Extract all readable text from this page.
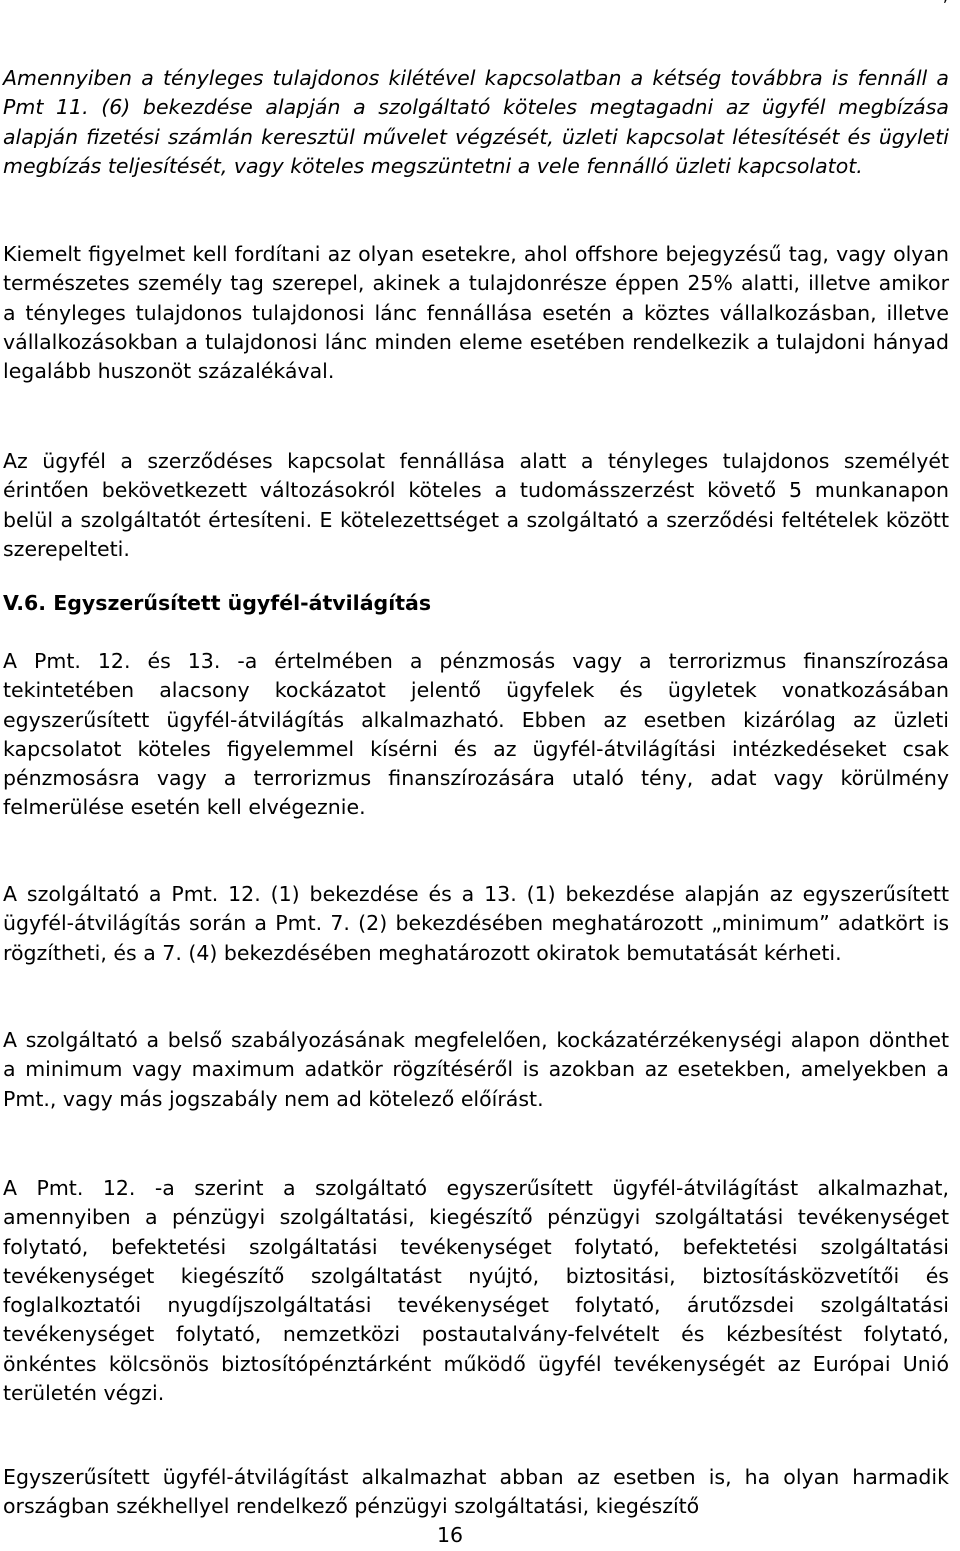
Amennyiben a tényleges tulajdonos kilétével kapcsolatban a kétség továbbra is fennáll a Pmt 11. (6) bekezdése alapján a szolgáltató köteles megtagadni az ügyfél megbízása alapján fizetési számlán keresztül művelet végzését, üzleti kapcsolat létesítését és ügyleti megbízás teljesítését, vagy köteles megszüntetni a vele fennálló üzleti kapcsolatot.

Kiemelt figyelmet kell fordítani az olyan esetekre, ahol offshore bejegyzésű tag, vagy olyan természetes személy tag szerepel, akinek a tulajdonrésze éppen 25% alatti, illetve amikor a tényleges tulajdonos tulajdonosi lánc fennállása esetén a köztes vállalkozásban, illetve vállalkozásokban a tulajdonosi lánc minden eleme esetében rendelkezik a tulajdoni hányad legalább huszonöt százalékával.

Az ügyfél a szerződéses kapcsolat fennállása alatt a tényleges tulajdonos személyét érintően bekövetkezett változásokról köteles a tudomásszerzést követő 5 munkanapon belül a szolgáltatót értesíteni. E kötelezettséget a szolgáltató a szerződési feltételek között szerepelteti.

V.6. Egyszerűsített ügyfél-átvilágítás

A Pmt. 12. és 13. -a értelmében a pénzmosás vagy a terrorizmus finanszírozása tekintetében alacsony kockázatot jelentő ügyfelek és ügyletek vonatkozásában egyszerűsített ügyfél-átvilágítás alkalmazható. Ebben az esetben kizárólag az üzleti kapcsolatot köteles figyelemmel kísérni és az ügyfél-átvilágítási intézkedéseket csak pénzmosásra vagy a terrorizmus finanszírozására utaló tény, adat vagy körülmény felmerülése esetén kell elvégeznie.

A szolgáltató a Pmt. 12. (1) bekezdése és a 13. (1) bekezdése alapján az egyszerűsített ügyfél-átvilágítás során a Pmt. 7. (2) bekezdésében meghatározott „minimum” adatkört is rögzítheti, és a 7. (4) bekezdésében meghatározott okiratok bemutatását kérheti.

A szolgáltató a belső szabályozásának megfelelően, kockázatérzékenységi alapon dönthet a minimum vagy maximum adatkör rögzítéséről is azokban az esetekben, amelyekben a Pmt., vagy más jogszabály nem ad kötelező előírást.

A Pmt. 12. -a szerint a szolgáltató egyszerűsített ügyfél-átvilágítást alkalmazhat, amennyiben a pénzügyi szolgáltatási, kiegészítő pénzügyi szolgáltatási tevékenységet folytató, befektetési szolgáltatási tevékenységet folytató, befektetési szolgáltatási tevékenységet kiegészítő szolgáltatást nyújtó, biztositási, biztosításközvetítői és foglalkoztatói nyugdíjszolgáltatási tevékenységet folytató, árutőzsdei szolgáltatási tevékenységet folytató, nemzetközi postautalvány-felvételt és kézbesítést folytató, önkéntes kölcsönös biztosítópénztárként működő ügyfél tevékenységét az Európai Unió területén végzi.

Egyszerűsített ügyfél-átvilágítást alkalmazhat abban az esetben is, ha olyan harmadik országban székhellyel rendelkező pénzügyi szolgáltatási, kiegészítő

16
